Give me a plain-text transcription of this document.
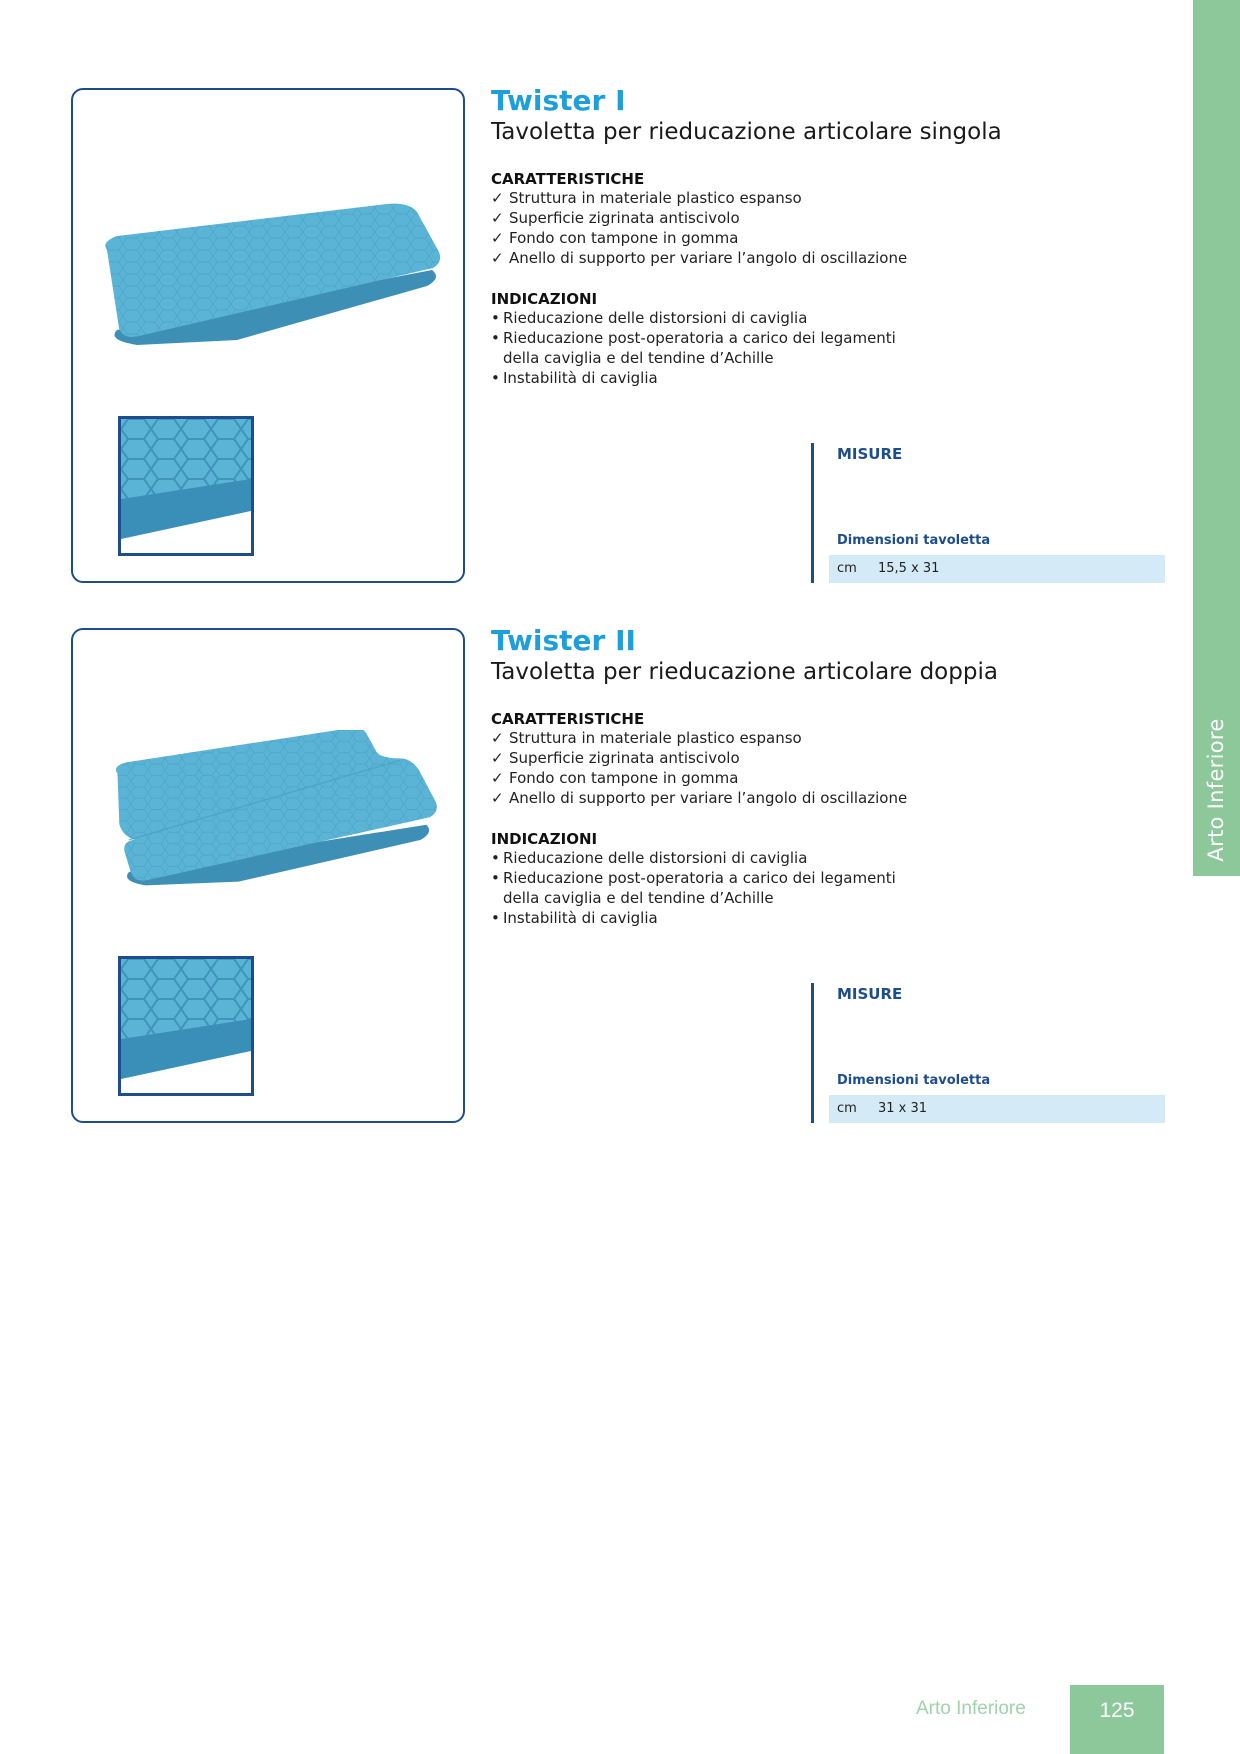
Arto Inferiore
Twister I
Tavoletta per rieducazione articolare singola
CARATTERISTICHE
✓ Struttura in materiale plastico espanso
✓ Superficie zigrinata antiscivolo
✓ Fondo con tampone in gomma
✓ Anello di supporto per variare l’angolo di oscillazione
INDICAZIONI
• Rieducazione delle distorsioni di caviglia
• Rieducazione post-operatoria a carico dei legamenti
della caviglia e del tendine d’Achille
• Instabilità di caviglia
MISURE
Dimensioni tavoletta
cm 15,5 x 31
Twister II
Tavoletta per rieducazione articolare doppia
CARATTERISTICHE
✓ Struttura in materiale plastico espanso
✓ Superficie zigrinata antiscivolo
✓ Fondo con tampone in gomma
✓ Anello di supporto per variare l’angolo di oscillazione
INDICAZIONI
• Rieducazione delle distorsioni di caviglia
• Rieducazione post-operatoria a carico dei legamenti
della caviglia e del tendine d’Achille
• Instabilità di caviglia
MISURE
Dimensioni tavoletta
cm 31 x 31
Arto Inferiore	125
